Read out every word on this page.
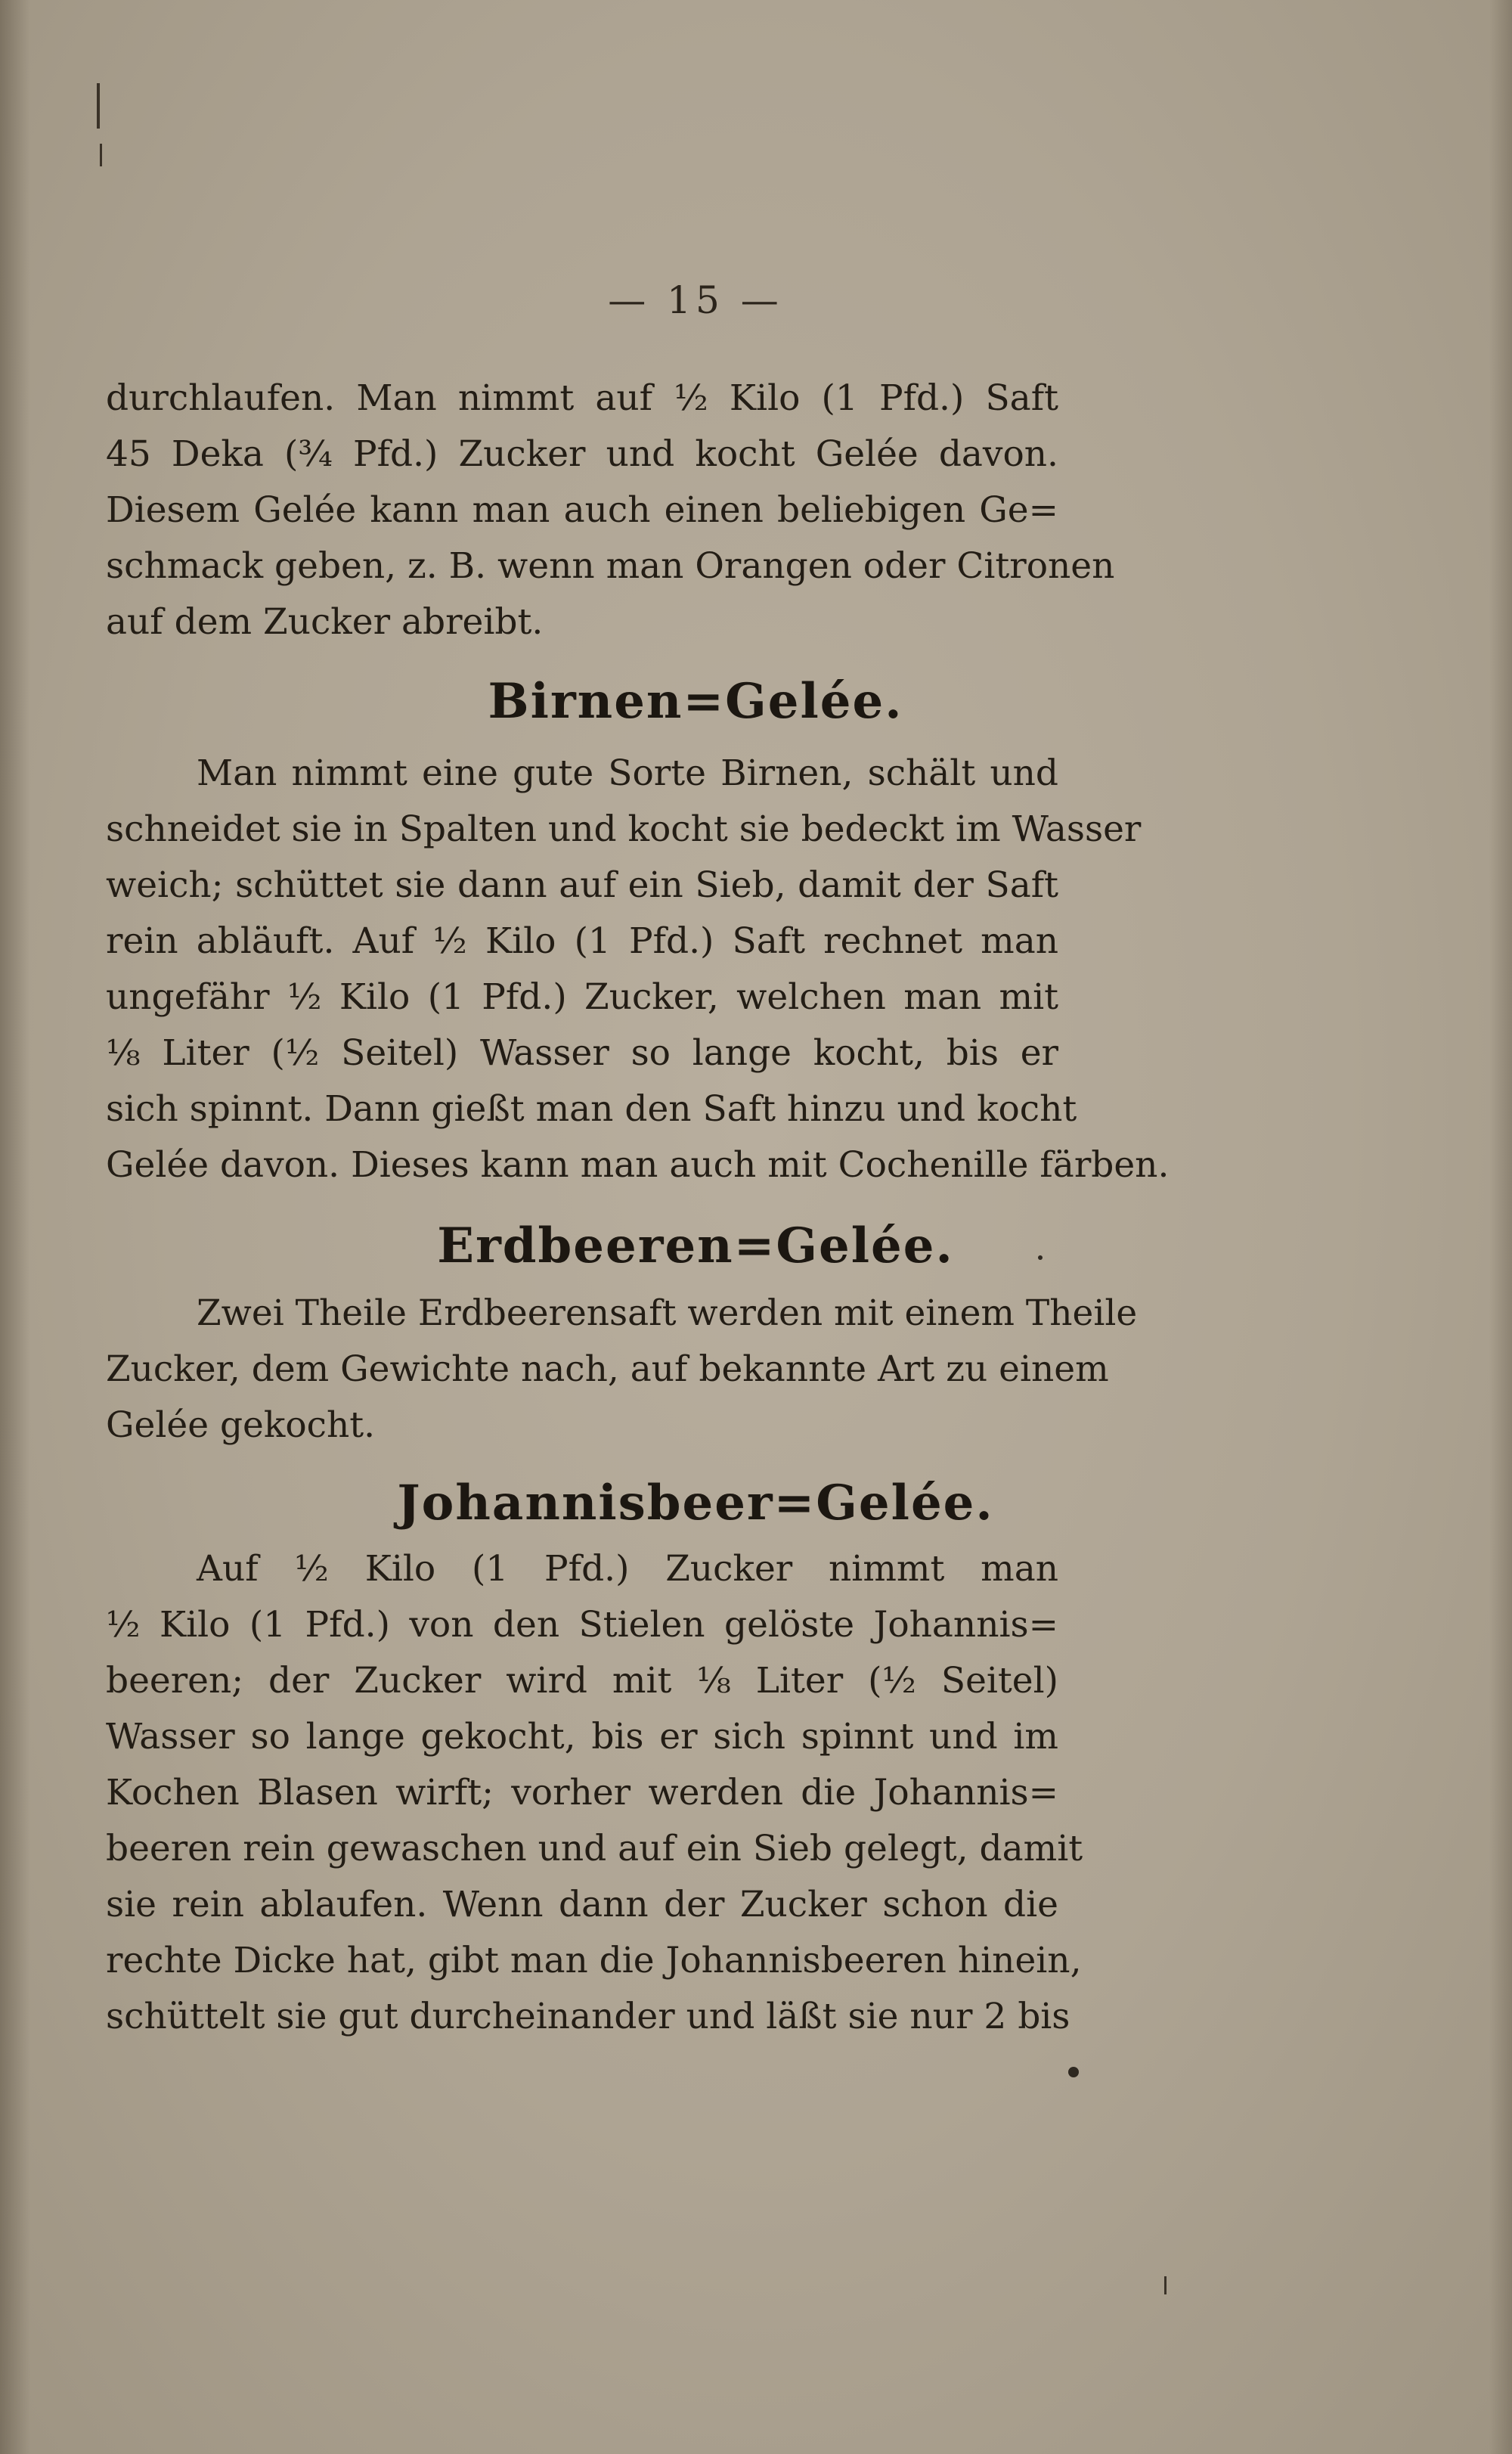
— 15 —
durchlaufen. Man nimmt auf ½ Kilo (1 Pfd.) Saft
45 Deka (¾ Pfd.) Zucker und kocht Gelée davon.
Diesem Gelée kann man auch einen beliebigen Ge=
schmack geben, z. B. wenn man Orangen oder Citronen
auf dem Zucker abreibt.
Birnen=Gelée.
Man nimmt eine gute Sorte Birnen, schält und
schneidet sie in Spalten und kocht sie bedeckt im Wasser
weich; schüttet sie dann auf ein Sieb, damit der Saft
rein abläuft. Auf ½ Kilo (1 Pfd.) Saft rechnet man
ungefähr ½ Kilo (1 Pfd.) Zucker, welchen man mit
⅛ Liter (½ Seitel) Wasser so lange kocht, bis er
sich spinnt. Dann gießt man den Saft hinzu und kocht
Gelée davon. Dieses kann man auch mit Cochenille färben.
Erdbeeren=Gelée.
Zwei Theile Erdbeerensaft werden mit einem Theile
Zucker, dem Gewichte nach, auf bekannte Art zu einem
Gelée gekocht.
Johannisbeer=Gelée.
Auf ½ Kilo (1 Pfd.) Zucker nimmt man
½ Kilo (1 Pfd.) von den Stielen gelöste Johannis=
beeren; der Zucker wird mit ⅛ Liter (½ Seitel)
Wasser so lange gekocht, bis er sich spinnt und im
Kochen Blasen wirft; vorher werden die Johannis=
beeren rein gewaschen und auf ein Sieb gelegt, damit
sie rein ablaufen. Wenn dann der Zucker schon die
rechte Dicke hat, gibt man die Johannisbeeren hinein,
schüttelt sie gut durcheinander und läßt sie nur 2 bis
